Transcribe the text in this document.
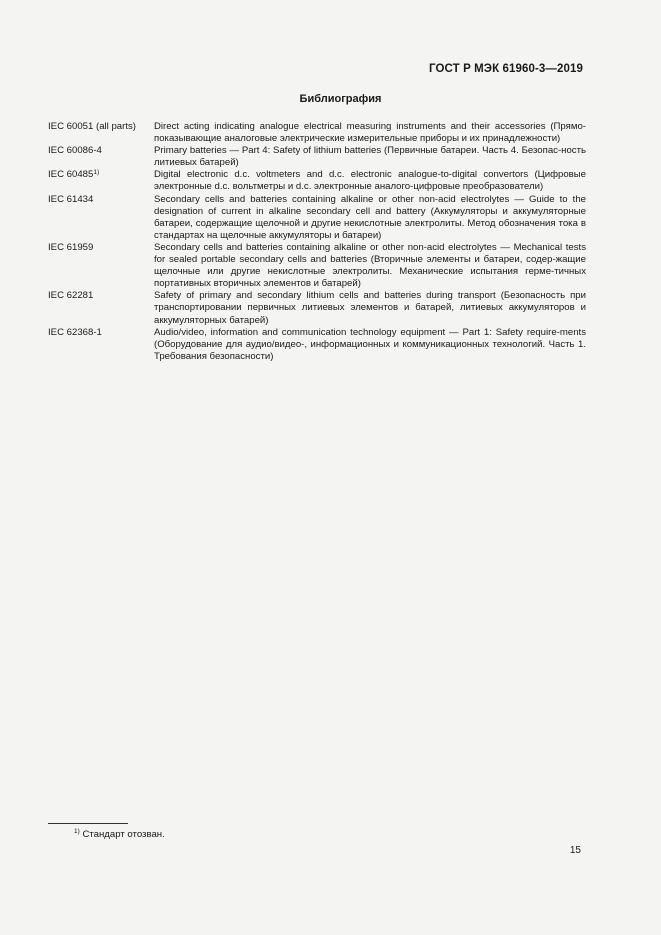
ГОСТ Р МЭК 61960-3—2019
Библиография
IEC 60051 (all parts)	Direct acting indicating analogue electrical measuring instruments and their accessories (Прямо-показывающие аналоговые электрические измерительные приборы и их принадлежности)
IEC 60086-4	Primary batteries — Part 4: Safety of lithium batteries (Первичные батареи. Часть 4. Безопас-ность литиевых батарей)
IEC 60485$^{1)}$	Digital electronic d.c. voltmeters and d.c. electronic analogue-to-digital convertors (Цифровые электронные d.c. вольтметры и d.c. электронные аналого-цифровые преобразователи)
IEC 61434	Secondary cells and batteries containing alkaline or other non-acid electrolytes — Guide to the designation of current in alkaline secondary cell and battery (Аккумуляторы и аккумуляторные батареи, содержащие щелочной и другие некислотные электролиты. Метод обозначения тока в стандартах на щелочные аккумуляторы и батареи)
IEC 61959	Secondary cells and batteries containing alkaline or other non-acid electrolytes — Mechanical tests for sealed portable secondary cells and batteries (Вторичные элементы и батареи, содер-жащие щелочные или другие некислотные электролиты. Механические испытания герме-тичных портативных вторичных элементов и батарей)
IEC 62281	Safety of primary and secondary lithium cells and batteries during transport (Безопасность при транспортировании первичных литиевых элементов и батарей, литиевых аккумуляторов и аккумуляторных батарей)
IEC 62368-1	Audio/video, information and communication technology equipment — Part 1: Safety require-ments (Оборудование для аудио/видео-, информационных и коммуникационных технологий. Часть 1. Требования безопасности)
$^{1)}$ Стандарт отозван.
15
